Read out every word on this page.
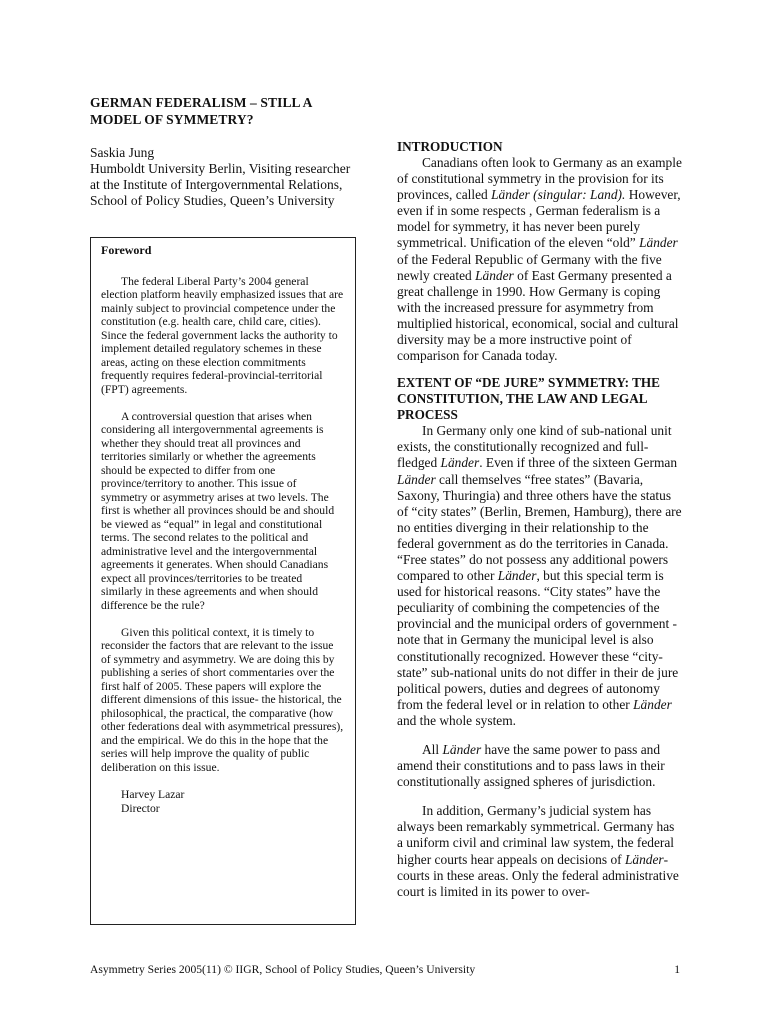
GERMAN FEDERALISM – STILL A
MODEL OF SYMMETRY?
Saskia Jung
Humboldt University Berlin, Visiting researcher
at the Institute of Intergovernmental Relations,
School of Policy Studies, Queen’s University
Foreword

The federal Liberal Party’s 2004 general election platform heavily emphasized issues that are mainly subject to provincial competence under the constitution (e.g. health care, child care, cities). Since the federal government lacks the authority to implement detailed regulatory schemes in these areas, acting on these election commitments frequently requires federal-provincial-territorial (FPT) agreements.

A controversial question that arises when considering all intergovernmental agreements is whether they should treat all provinces and territories similarly or whether the agreements should be expected to differ from one province/territory to another. This issue of symmetry or asymmetry arises at two levels. The first is whether all provinces should be and should be viewed as “equal” in legal and constitutional terms. The second relates to the political and administrative level and the intergovernmental agreements it generates. When should Canadians expect all provinces/territories to be treated similarly in these agreements and when should difference be the rule?

Given this political context, it is timely to reconsider the factors that are relevant to the issue of symmetry and asymmetry. We are doing this by publishing a series of short commentaries over the first half of 2005. These papers will explore the different dimensions of this issue- the historical, the philosophical, the practical, the comparative (how other federations deal with asymmetrical pressures), and the empirical. We do this in the hope that the series will help improve the quality of public deliberation on this issue.

Harvey Lazar
Director
INTRODUCTION

Canadians often look to Germany as an example of constitutional symmetry in the provision for its provinces, called Länder (singular: Land). However, even if in some respects , German federalism is a model for symmetry, it has never been purely symmetrical. Unification of the eleven “old” Länder of the Federal Republic of Germany with the five newly created Länder of East Germany presented a great challenge in 1990. How Germany is coping with the increased pressure for asymmetry from multiplied historical, economical, social and cultural diversity may be a more instructive point of comparison for Canada today.

EXTENT OF “DE JURE” SYMMETRY: THE CONSTITUTION, THE LAW AND LEGAL PROCESS

In Germany only one kind of sub-national unit exists, the constitutionally recognized and full-fledged Länder. Even if three of the sixteen German Länder call themselves “free states” (Bavaria, Saxony, Thuringia) and three others have the status of “city states” (Berlin, Bremen, Hamburg), there are no entities diverging in their relationship to the federal government as do the territories in Canada. “Free states” do not possess any additional powers compared to other Länder, but this special term is used for historical reasons. “City states” have the peculiarity of combining the competencies of the provincial and the municipal orders of government - note that in Germany the municipal level is also constitutionally recognized. However these “city-state” sub-national units do not differ in their de jure political powers, duties and degrees of autonomy from the federal level or in relation to other Länder and the whole system.

All Länder have the same power to pass and amend their constitutions and to pass laws in their constitutionally assigned spheres of jurisdiction.

In addition, Germany’s judicial system has always been remarkably symmetrical. Germany has a uniform civil and criminal law system, the federal higher courts hear appeals on decisions of Länder-courts in these areas. Only the federal administrative court is limited in its power to over-

Asymmetry Series 2005(11) © IIGR, School of Policy Studies, Queen’s University	1
